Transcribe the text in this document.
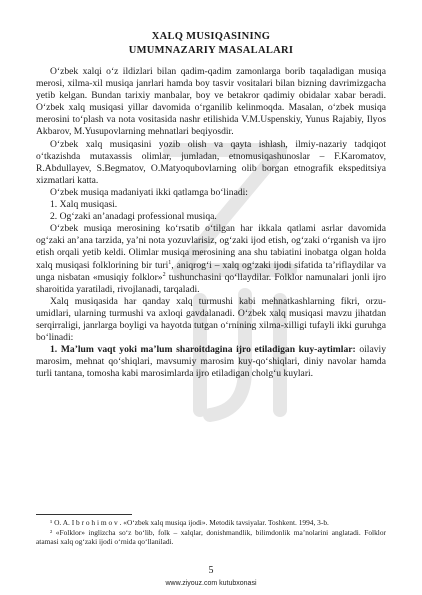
XALQ MUSIQASINING
UMUMNAZARIY MASALALARI

O‘zbek xalqi o‘z ildizlari bilan qadim-qadim zamonlarga borib taqaladigan musiqa merosi, xilma-xil musiqa janrlari hamda boy tasvir vositalari bilan bizning davrimizgacha yetib kelgan. Bundan tarixiy manbalar, boy ve betakror qadimiy obidalar xabar beradi. O‘zbek xalq musiqasi yillar davomida o‘rganilib kelinmoqda. Masalan, o‘zbek musiqa merosini to‘plash va nota vositasida nashr etilishida V.M.Uspenskiy, Yunus Rajabiy, Ilyos Akbarov, M.Yusupovlarning mehnatlari beqiyosdir.

O‘zbek xalq musiqasini yozib olish va qayta ishlash, ilmiy-nazariy tadqiqot o‘tkazishda mutaxassis olimlar, jumladan, etnomusiqashunoslar – F.Karomatov, R.Abdullayev, S.Begmatov, O.Matyoqubovlarning olib borgan etnografik ekspeditsiya xizmatlari katta.

O‘zbek musiqa madaniyati ikki qatlamga bo‘linadi:

1. Xalq musiqasi.

2. Og‘zaki an’anadagi professional musiqa.

O‘zbek musiqa merosining ko‘rsatib o‘tilgan har ikkala qatlami asrlar davomida og‘zaki an’ana tarzida, ya’ni nota yozuvlarisiz, og‘zaki ijod etish, og‘zaki o‘rganish va ijro etish orqali yetib keldi. Olimlar musiqa merosining ana shu tabiatini inobatga olgan holda xalq musiqasi folklorining bir turi$^1$, aniqrog‘i – xalq og‘zaki ijodi sifatida ta’riflaydilar va unga nisbatan «musiqiy folklor»$^2$ tushunchasini qo‘llaydilar. Folklor namunalari jonli ijro sharoitida yaratiladi, rivojlanadi, tarqaladi.

Xalq musiqasida har qanday xalq turmushi kabi mehnatkashlarning fikri, orzu-umidlari, ularning turmushi va axloqi gavdalanadi. O‘zbek xalq musiqasi mavzu jihatdan serqirraligi, janrlarga boyligi va hayotda tutgan o‘rnining xilma-xilligi tufayli ikki guruhga bo‘linadi:

1. Ma’lum vaqt yoki ma’lum sharoitdagina ijro etiladigan kuy-aytimlar: oilaviy marosim, mehnat qo‘shiqlari, mavsumiy marosim kuy-qo‘shiqlari, diniy navolar hamda turli tantana, tomosha kabi marosimlarda ijro etiladigan cholg‘u kuylari.

¹ O. A. I b r o h i m o v . «O‘zbek xalq musiqa ijodi». Metodik tavsiyalar. Toshkent. 1994, 3-b.

² «Folklor» inglizcha so‘z bo‘lib, folk – xalqlar, donishmandlik, bilimdonlik ma’nolarini anglatadi. Folklor atamasi xalq og‘zaki ijodi o‘rnida qo‘llaniladi.

5
www.ziyouz.com kutubxonasi
